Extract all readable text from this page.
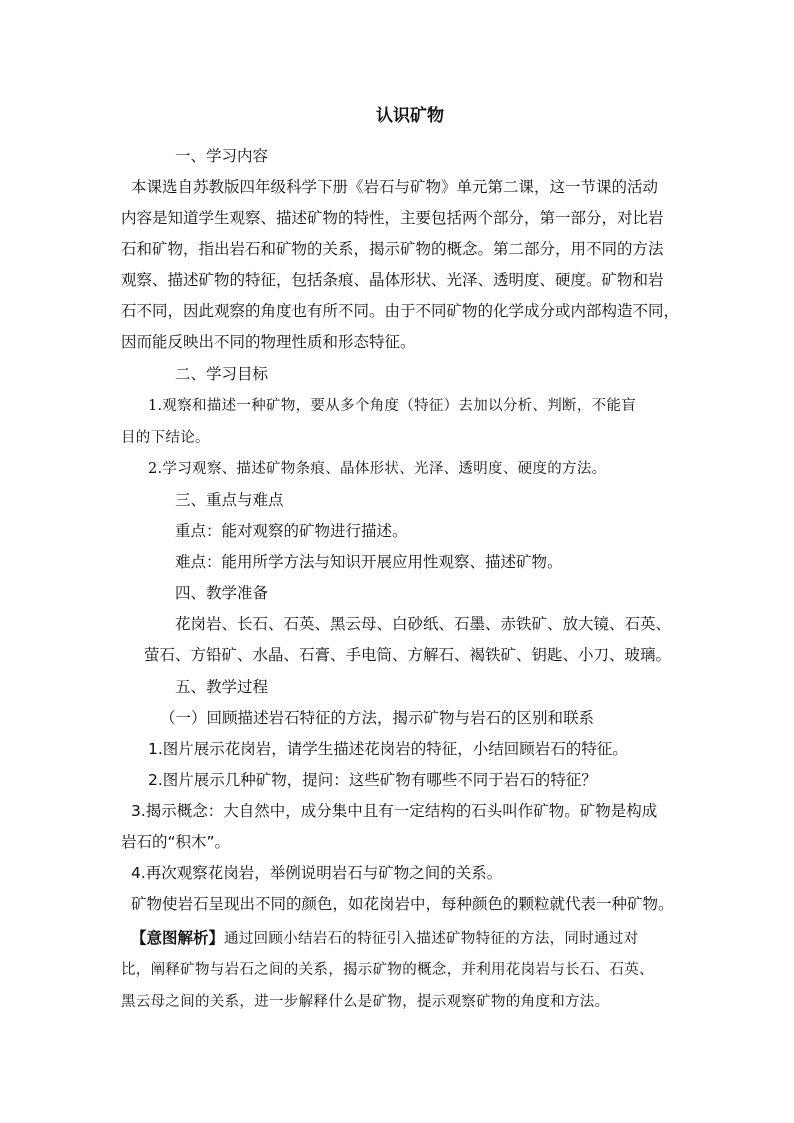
认识矿物
一、学习内容
本课选自苏教版四年级科学下册《岩石与矿物》单元第二课，这一节课的活动
内容是知道学生观察、描述矿物的特性，主要包括两个部分，第一部分，对比岩
石和矿物，指出岩石和矿物的关系，揭示矿物的概念。第二部分，用不同的方法
观察、描述矿物的特征，包括条痕、晶体形状、光泽、透明度、硬度。矿物和岩
石不同，因此观察的角度也有所不同。由于不同矿物的化学成分或内部构造不同，
因而能反映出不同的物理性质和形态特征。
二、学习目标
1.观察和描述一种矿物，要从多个角度（特征）去加以分析、判断，不能盲
目的下结论。
2.学习观察、描述矿物条痕、晶体形状、光泽、透明度、硬度的方法。
三、重点与难点
重点：能对观察的矿物进行描述。
难点：能用所学方法与知识开展应用性观察、描述矿物。
四、教学准备
花岗岩、长石、石英、黑云母、白砂纸、石墨、赤铁矿、放大镜、石英、
萤石、方铅矿、水晶、石膏、手电筒、方解石、褐铁矿、钥匙、小刀、玻璃。
五、教学过程
（一）回顾描述岩石特征的方法，揭示矿物与岩石的区别和联系
1.图片展示花岗岩，请学生描述花岗岩的特征，小结回顾岩石的特征。
2.图片展示几种矿物，提问：这些矿物有哪些不同于岩石的特征？
3.揭示概念：大自然中，成分集中且有一定结构的石头叫作矿物。矿物是构成
岩石的“积木”。
4.再次观察花岗岩，举例说明岩石与矿物之间的关系。
矿物使岩石呈现出不同的颜色，如花岗岩中，每种颜色的颗粒就代表一种矿物。
【意图解析】通过回顾小结岩石的特征引入描述矿物特征的方法，同时通过对
比，阐释矿物与岩石之间的关系，揭示矿物的概念，并利用花岗岩与长石、石英、
黑云母之间的关系，进一步解释什么是矿物，提示观察矿物的角度和方法。
